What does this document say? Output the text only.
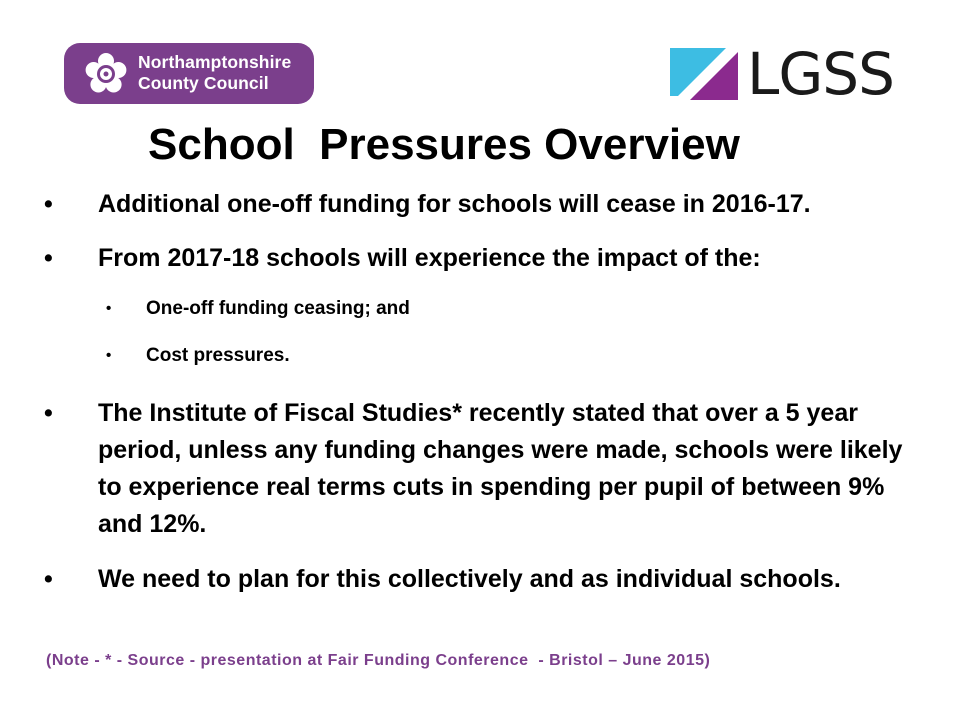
Northamptonshire
County Council	LGSS
School  Pressures Overview
• Additional one-off funding for schools will cease in 2016-17.
• From 2017-18 schools will experience the impact of the:
• One-off funding ceasing; and
• Cost pressures.
• The Institute of Fiscal Studies* recently stated that over a 5 year period, unless any funding changes were made, schools were likely to experience real terms cuts in spending per pupil of between 9% and 12%.
• We need to plan for this collectively and as individual schools.
(Note - * - Source - presentation at Fair Funding Conference  - Bristol – June 2015)
